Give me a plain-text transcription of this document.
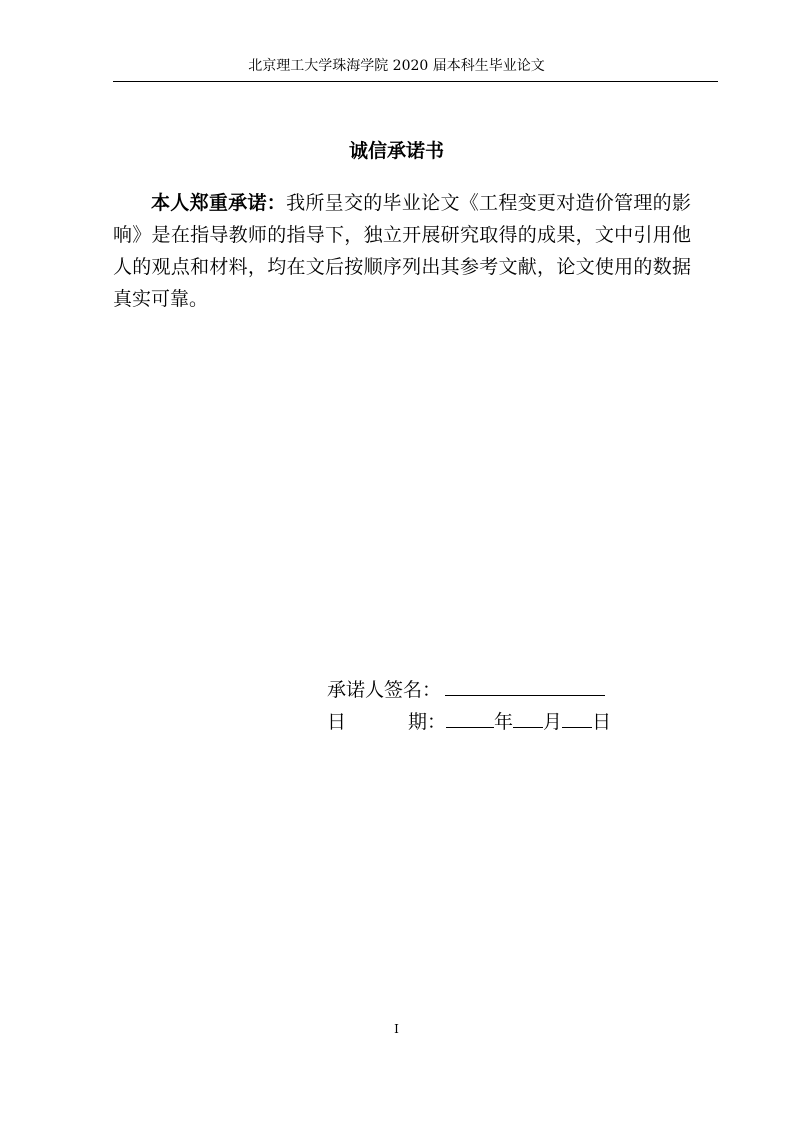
北京理工大学珠海学院 2020 届本科生毕业论文
诚信承诺书
本人郑重承诺：我所呈交的毕业论文《工程变更对造价管理的影响》是在指导教师的指导下，独立开展研究取得的成果，文中引用他人的观点和材料，均在文后按顺序列出其参考文献，论文使用的数据真实可靠。
承诺人签名：
日	期：	年 月 日
I
